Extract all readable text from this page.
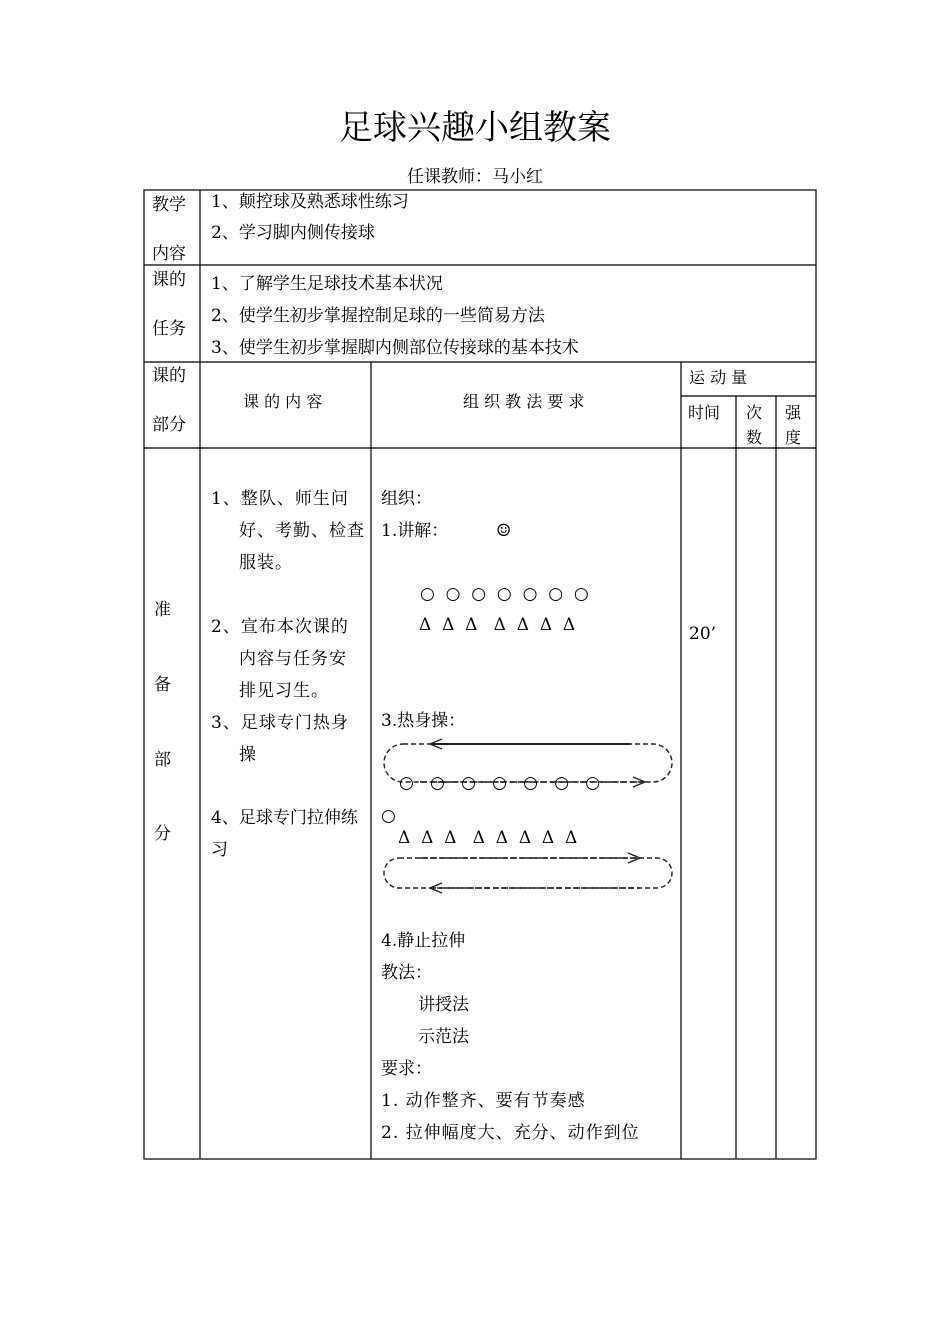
足球兴趣小组教案
任课教师：马小红
教学
内容
1、颠控球及熟悉球性练习
2、学习脚内侧传接球
课的
任务
1、了解学生足球技术基本状况
2、使学生初步掌握控制足球的一些简易方法
3、使学生初步掌握脚内侧部位传接球的基本技术
课的
部分
课 的 内 容	组 织 教 法 要 求
运 动 量
时间 次
数
强
度
准
备
部
分
1、整队、师生问
好、考勤、检查
服装。
2、宣布本次课的
内容与任务安
排见习生。
3、足球专门热身
操
4、足球专门拉伸练
习
组织：
1.讲解：	☺
○  ○  ○  ○  ○  ○  ○
Δ  Δ  Δ   Δ  Δ  Δ  Δ
3.热身操：
○   ○   ○   ○   ○   ○   ○
○
Δ  Δ  Δ   Δ  Δ  Δ  Δ  Δ
4.静止拉伸
教法：
讲授法
示范法
要求：
1. 动作整齐、要有节奏感
2. 拉伸幅度大、充分、动作到位
20’
